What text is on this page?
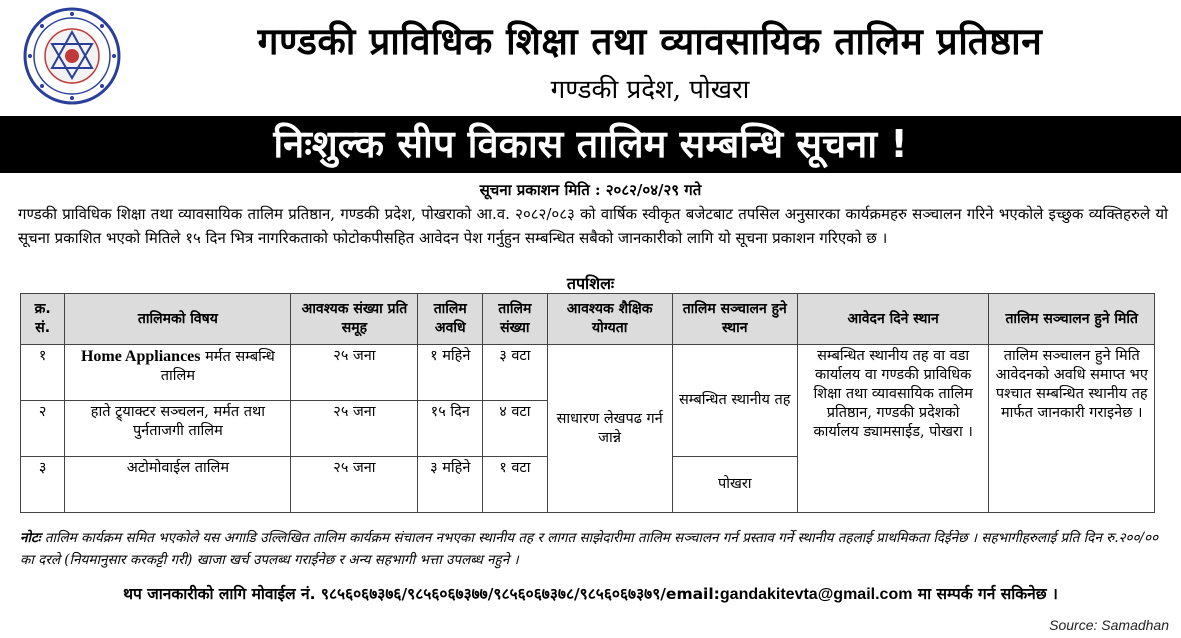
गण्डकी प्राविधिक शिक्षा तथा व्यावसायिक तालिम प्रतिष्ठान
गण्डकी प्रदेश, पोखरा
निःशुल्क सीप विकास तालिम सम्बन्धि सूचना !
सूचना प्रकाशन मिति : २०८२/०४/२९ गते
गण्डकी प्राविधिक शिक्षा तथा व्यावसायिक तालिम प्रतिष्ठान, गण्डकी प्रदेश, पोखराको आ.व. २०८२/०८३ को वार्षिक स्वीकृत बजेटबाट तपसिल अनुसारका कार्यक्रमहरु सञ्चालन गरिने भएकोले इच्छुक व्यक्तिहरुले यो सूचना प्रकाशित भएको मितिले १५ दिन भित्र नागरिकताको फोटोकपीसहित आवेदन पेश गर्नुहुन सम्बन्धित सबैको जानकारीको लागि यो सूचना प्रकाशन गरिएको छ ।
तपशिलः
क्र. सं.	तालिमको विषय	आवश्यक संख्या प्रति समूह	तालिम अवधि	तालिम संख्या	आवश्यक शैक्षिक योग्यता	तालिम सञ्चालन हुने स्थान	आवेदन दिने स्थान	तालिम सञ्चालन हुने मिति
१	Home Appliances मर्मत सम्बन्धि तालिम	२५ जना	१ महिने	३ वटा	साधारण लेखपढ गर्न जान्ने	सम्बन्धित स्थानीय तह	सम्बन्धित स्थानीय तह वा वडा कार्यालय वा गण्डकी प्राविधिक शिक्षा तथा व्यावसायिक तालिम प्रतिष्ठान, गण्डकी प्रदेशको कार्यालय ड्यामसाईड, पोखरा ।	तालिम सञ्चालन हुने मिति आवेदनको अवधि समाप्त भए पश्चात सम्बन्धित स्थानीय तह मार्फत जानकारी गराइनेछ ।
२	हाते ट्र्याक्टर सञ्चलन, मर्मत तथा पुर्नताजगी तालिम	२५ जना	१५ दिन	४ वटा				
३	अटोमोवाईल तालिम	२५ जना	३ महिने	१ वटा		पोखरा		
नोटः तालिम कार्यक्रम समित भएकोले यस अगाडि उल्लिखित तालिम कार्यक्रम संचालन नभएका स्थानीय तह र लागत साझेदारीमा तालिम सञ्चालन गर्न प्रस्ताव गर्ने स्थानीय तहलाई प्राथमिकता दिईनेछ । सहभागीहरुलाई प्रति दिन रु.२००/०० का दरले (नियमानुसार करकट्टी गरी) खाजा खर्च उपलब्ध गराईनेछ र अन्य सहभागी भत्ता उपलब्ध नहुने ।
थप जानकारीको लागि मोवाईल नं. ९८५६०६७३७६/९८५६०६७३७७/९८५६०६७३७८/९८५६०६७३७९/email:gandakitevta@gmail.com मा सम्पर्क गर्न सकिनेछ ।
Source: Samadhan
